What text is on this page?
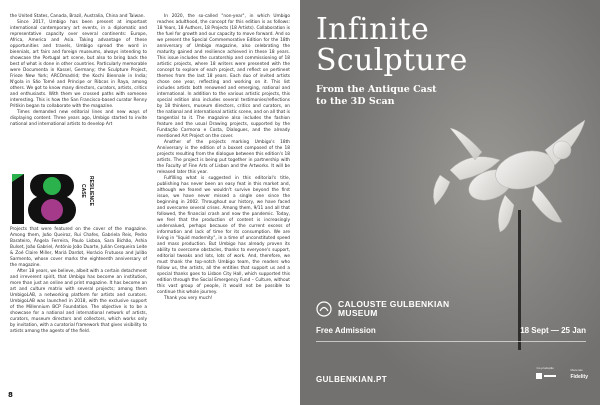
the United States, Canada, Brazil, Australia, China and Taiwan.

Since 2017, Umbigo has been present at important international contemporary art events, in a diplomatic and representative capacity over several continents: Europe, Africa, America and Asia. Taking advantage of these opportunities and travels, Umbigo spread the word in biennials, art fairs and foreign museums, always intending to showcase the Portugal art scene, but also to bring back the best of what is done in other countries. Particularly memorable were Documenta in Kassel, Germany; the Sculpture Project, Frieze New York; ARCOmadrid; the Kochi Biennale in India; N'gola in São Tomé and Príncipe or Ribcos in Raya, among others. We got to know many directors, curators, artists, critics and enthusiasts. With them we crossed paths with someone interesting. This is how the San Francisco-based curator Renny Pritikin began to collaborate with the magazine.

Times demanded new editorial lines and new ways of displaying content. Three years ago, Umbigo started to invite national and international artists to develop Art

CASE RESILIENCE

Projects that were featured on the cover of the magazine. Among them, João Queiroz, Rui Chafes, Gabriela Reis, Pedro Barateiro, Ângela Ferreira, Paulo Lisboa, Sara Bichão, Ashia Bulset, João Gabriel, António João Duarte, Julián Cerqueira Leite & Zoé Claire Miller, Mariá Dardot, Horácio Frutuoso and Julião Sarmento, whose cover marks the eighteenth anniversary of the magazine.

After 18 years, we believe, albeit with a certain detachment and irreverent spirit, that Umbigo has become an institution, more than just an online and print magazine. It has become an art and culture matrix with several projects; among them UmbigoLAB, a networking platform for artists and curators. UmbigoLAB was launched in 2018, with the exclusive support of the Millennium BCP Foundation. The objective is to be a showcase for a national and international network of artists, curators, museum directors and collectors, which works only by invitation, with a curatorial framework that gives visibility to artists among the agents of the field.

In 2020, the so-called "non-year", in which Umbigo reaches adulthood, the concept for this edition is as follows: 18 Years, 18 Authors, 18 Projects (18 Artists). Collaboration is the fuel for growth and our capacity to move forward. And so we present the Special Commemorative Edition for the 18th anniversary of Umbigo magazine, also celebrating the maturity gained and resilience achieved in these 18 years. This issue includes the curatorship and commissioning of 18 artistic projects, where 18 writers were presented with the concept to explore of each project, and reflect on pertinent themes from the last 18 years. Each duo of invited artists chose one year, reflecting and working on it. This list includes artists both renowned and emerging, national and international. In addition to the various artistic projects, this special edition also includes several testimonies/reflections by 18 thinkers, museum directors, critics and curators, on the national and international artistic scene, and on all that is tangential to it. The magazine also includes the fashion feature and the usual Drawing projects, supported by the Fundação Carmona e Costa, Dialogues, and the already mentioned Art Project on the cover.

Another of the projects marking Umbigo's 18th Anniversary is the edition of a boxset composed of the 18 projects resulting from the dialogue between this edition's 18 artists. The project is being put together in partnership with the Faculty of Fine Arts of Lisbon and the Artworks. It will be released later this year.

Fulfilling what is suggested in this editorial's title, publishing has never been an easy feat in this market and, although we feared we wouldn't survive beyond the first issue, we have never missed a single one since the beginning in 2002. Throughout our history, we have faced and overcome several crises. Among them, 9/11 and all that followed, the financial crash and now the pandemic. Today, we feel that the production of content is increasingly undervalued, perhaps because of the current excess of information and lack of time for its consumption. We are living in "liquid modernity", in a time of unconstituted speed and mass production. But Umbigo has already proven its ability to overcome obstacles, thanks to everyone's support, editorial tweaks and lots, lots of work. And, therefore, we must thank the top-notch Umbigo team, the readers who follow us, the artists, all the entities that support us and a special thanks goes to Lisbon City Hall, which supported this edition through the Social Emergency Fund – Culture, without this vast group of people, it would not be possible to continue this whole journey.

Thank you very much!

8
Infinite
Sculpture
From the Antique Cast
to the 3D Scan
CALOUSTE GULBENKIAN
MUSEUM
Free Admission	18 Sept — 25 Jan
GULBENKIAN.PT
Co-produção	Mecenas
Fidelity
